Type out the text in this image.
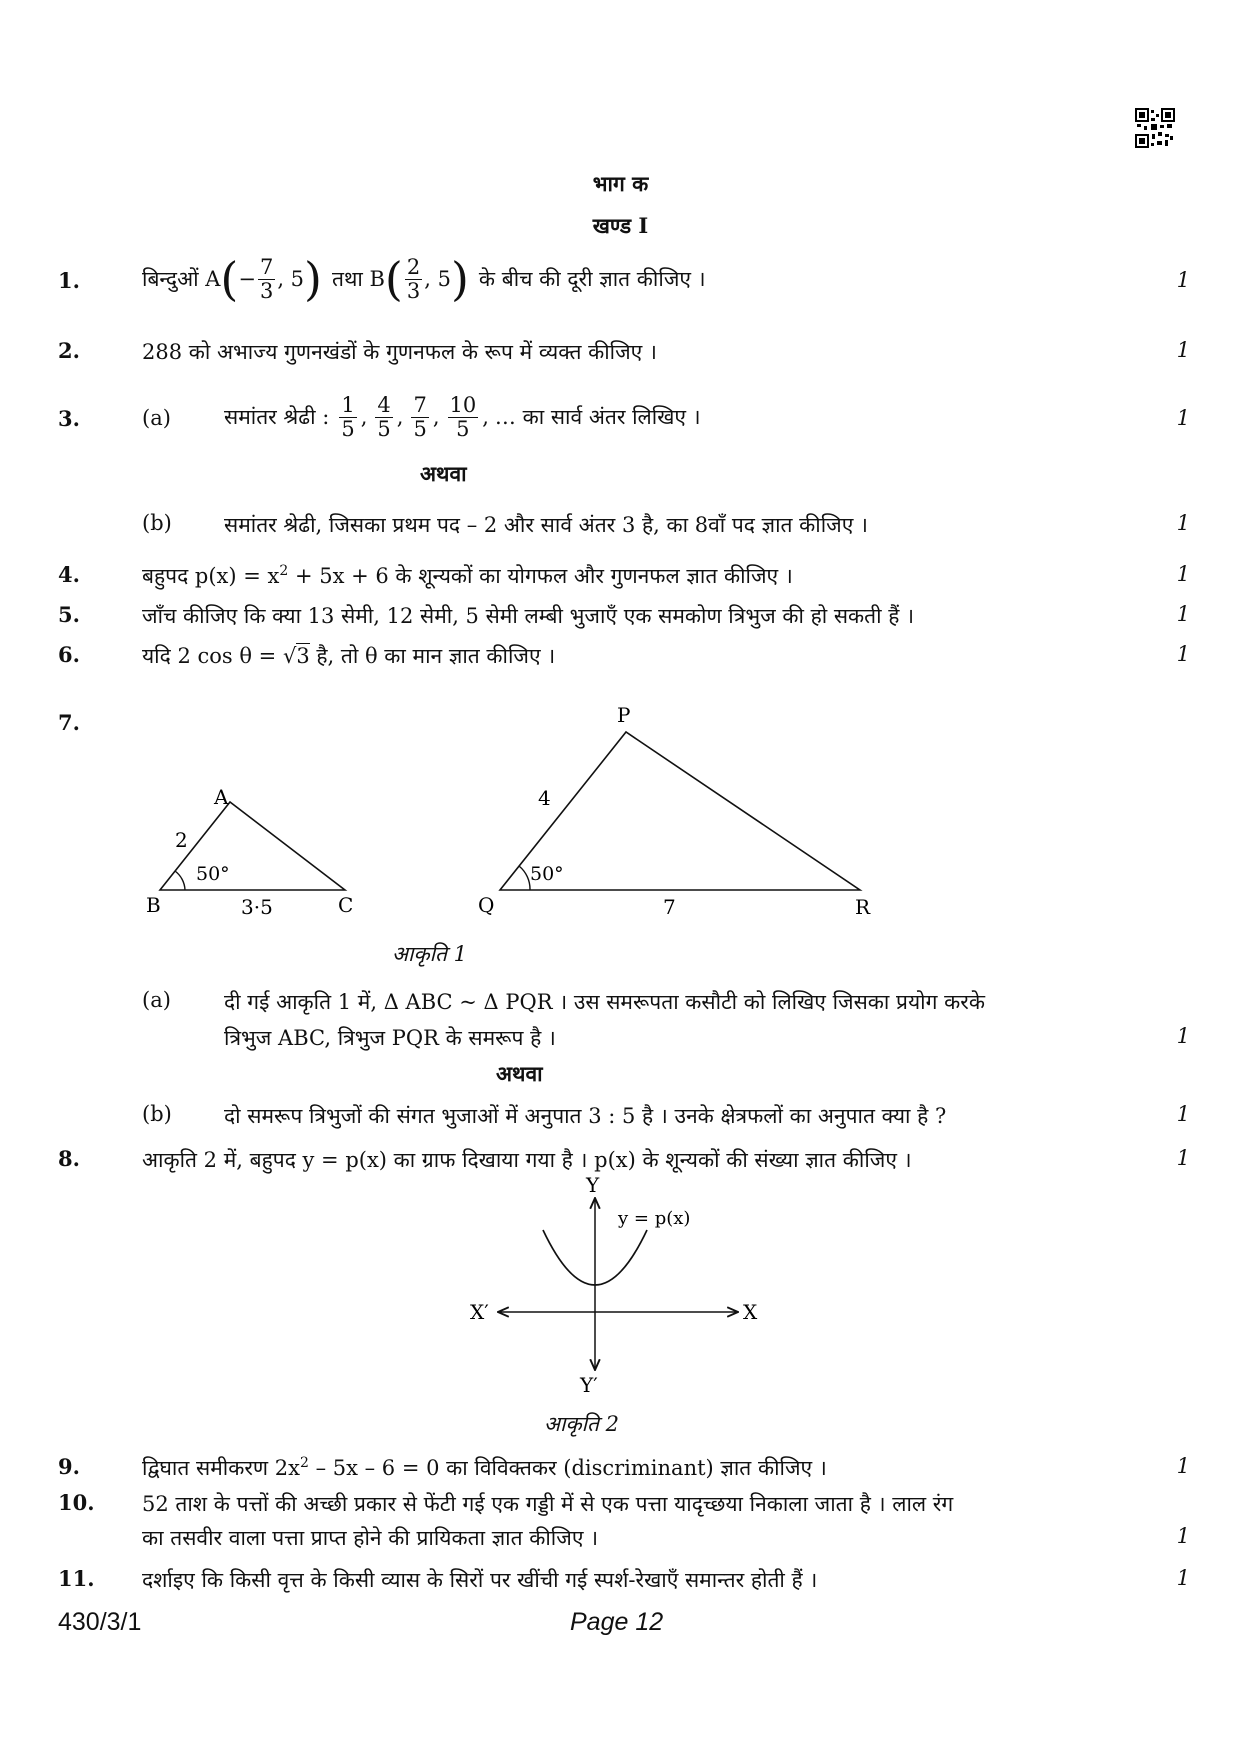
भाग क
खण्ड I
1.	बिन्दुओं A ( − $\frac{7}{3}$ , 5 ) तथा B ( $\frac{2}{3}$ , 5 ) के बीच की दूरी ज्ञात कीजिए ।	1
2.	288 को अभाज्य गुणनखंडों के गुणनफल के रूप में व्यक्त कीजिए ।	1
3.	(a)	समांतर श्रेढी : $\frac{1}{5}$ , $\frac{4}{5}$ , $\frac{7}{5}$ , $\frac{10}{5}$ , … का सार्व अंतर लिखिए ।	1
अथवा
(b) समांतर श्रेढी, जिसका प्रथम पद – 2 और सार्व अंतर 3 है, का 8वाँ पद ज्ञात कीजिए ।	1
4.	बहुपद $p(x) = x^2 + 5x + 6$ के शून्यकों का योगफल और गुणनफल ज्ञात कीजिए ।	1
5.	जाँच कीजिए कि क्या 13 सेमी, 12 सेमी, 5 सेमी लम्बी भुजाएँ एक समकोण त्रिभुज की हो सकती हैं ।	1
6.	यदि 2 cos θ = √3 है, तो θ का मान ज्ञात कीजिए ।	1
7.
A
B	C
2
3·5
50°
P
Q	R
4
7
50°
आकृति 1
(a)	दी गई आकृति 1 में, Δ ABC ~ Δ PQR । उस समरूपता कसौटी को लिखिए जिसका प्रयोग करके
त्रिभुज ABC, त्रिभुज PQR के समरूप है ।	1
अथवा
(b) दो समरूप त्रिभुजों की संगत भुजाओं में अनुपात 3 : 5 है । उनके क्षेत्रफलों का अनुपात क्या है ?	1
8.	आकृति 2 में, बहुपद y = p(x) का ग्राफ दिखाया गया है । p(x) के शून्यकों की संख्या ज्ञात कीजिए ।	1
Y
Y′
X
X′
y = p(x)
आकृति 2
9.	द्विघात समीकरण $2x^2 - 5x - 6 = 0$ का विविक्तकर (discriminant) ज्ञात कीजिए ।	1
10. 52 ताश के पत्तों की अच्छी प्रकार से फेंटी गई एक गड्डी में से एक पत्ता यादृच्छया निकाला जाता है । लाल रंग
का तसवीर वाला पत्ता प्राप्त होने की प्रायिकता ज्ञात कीजिए ।	1
11. दर्शाइए कि किसी वृत्त के किसी व्यास के सिरों पर खींची गई स्पर्श-रेखाएँ समान्तर होती हैं ।	1
430/3/1	Page 12
